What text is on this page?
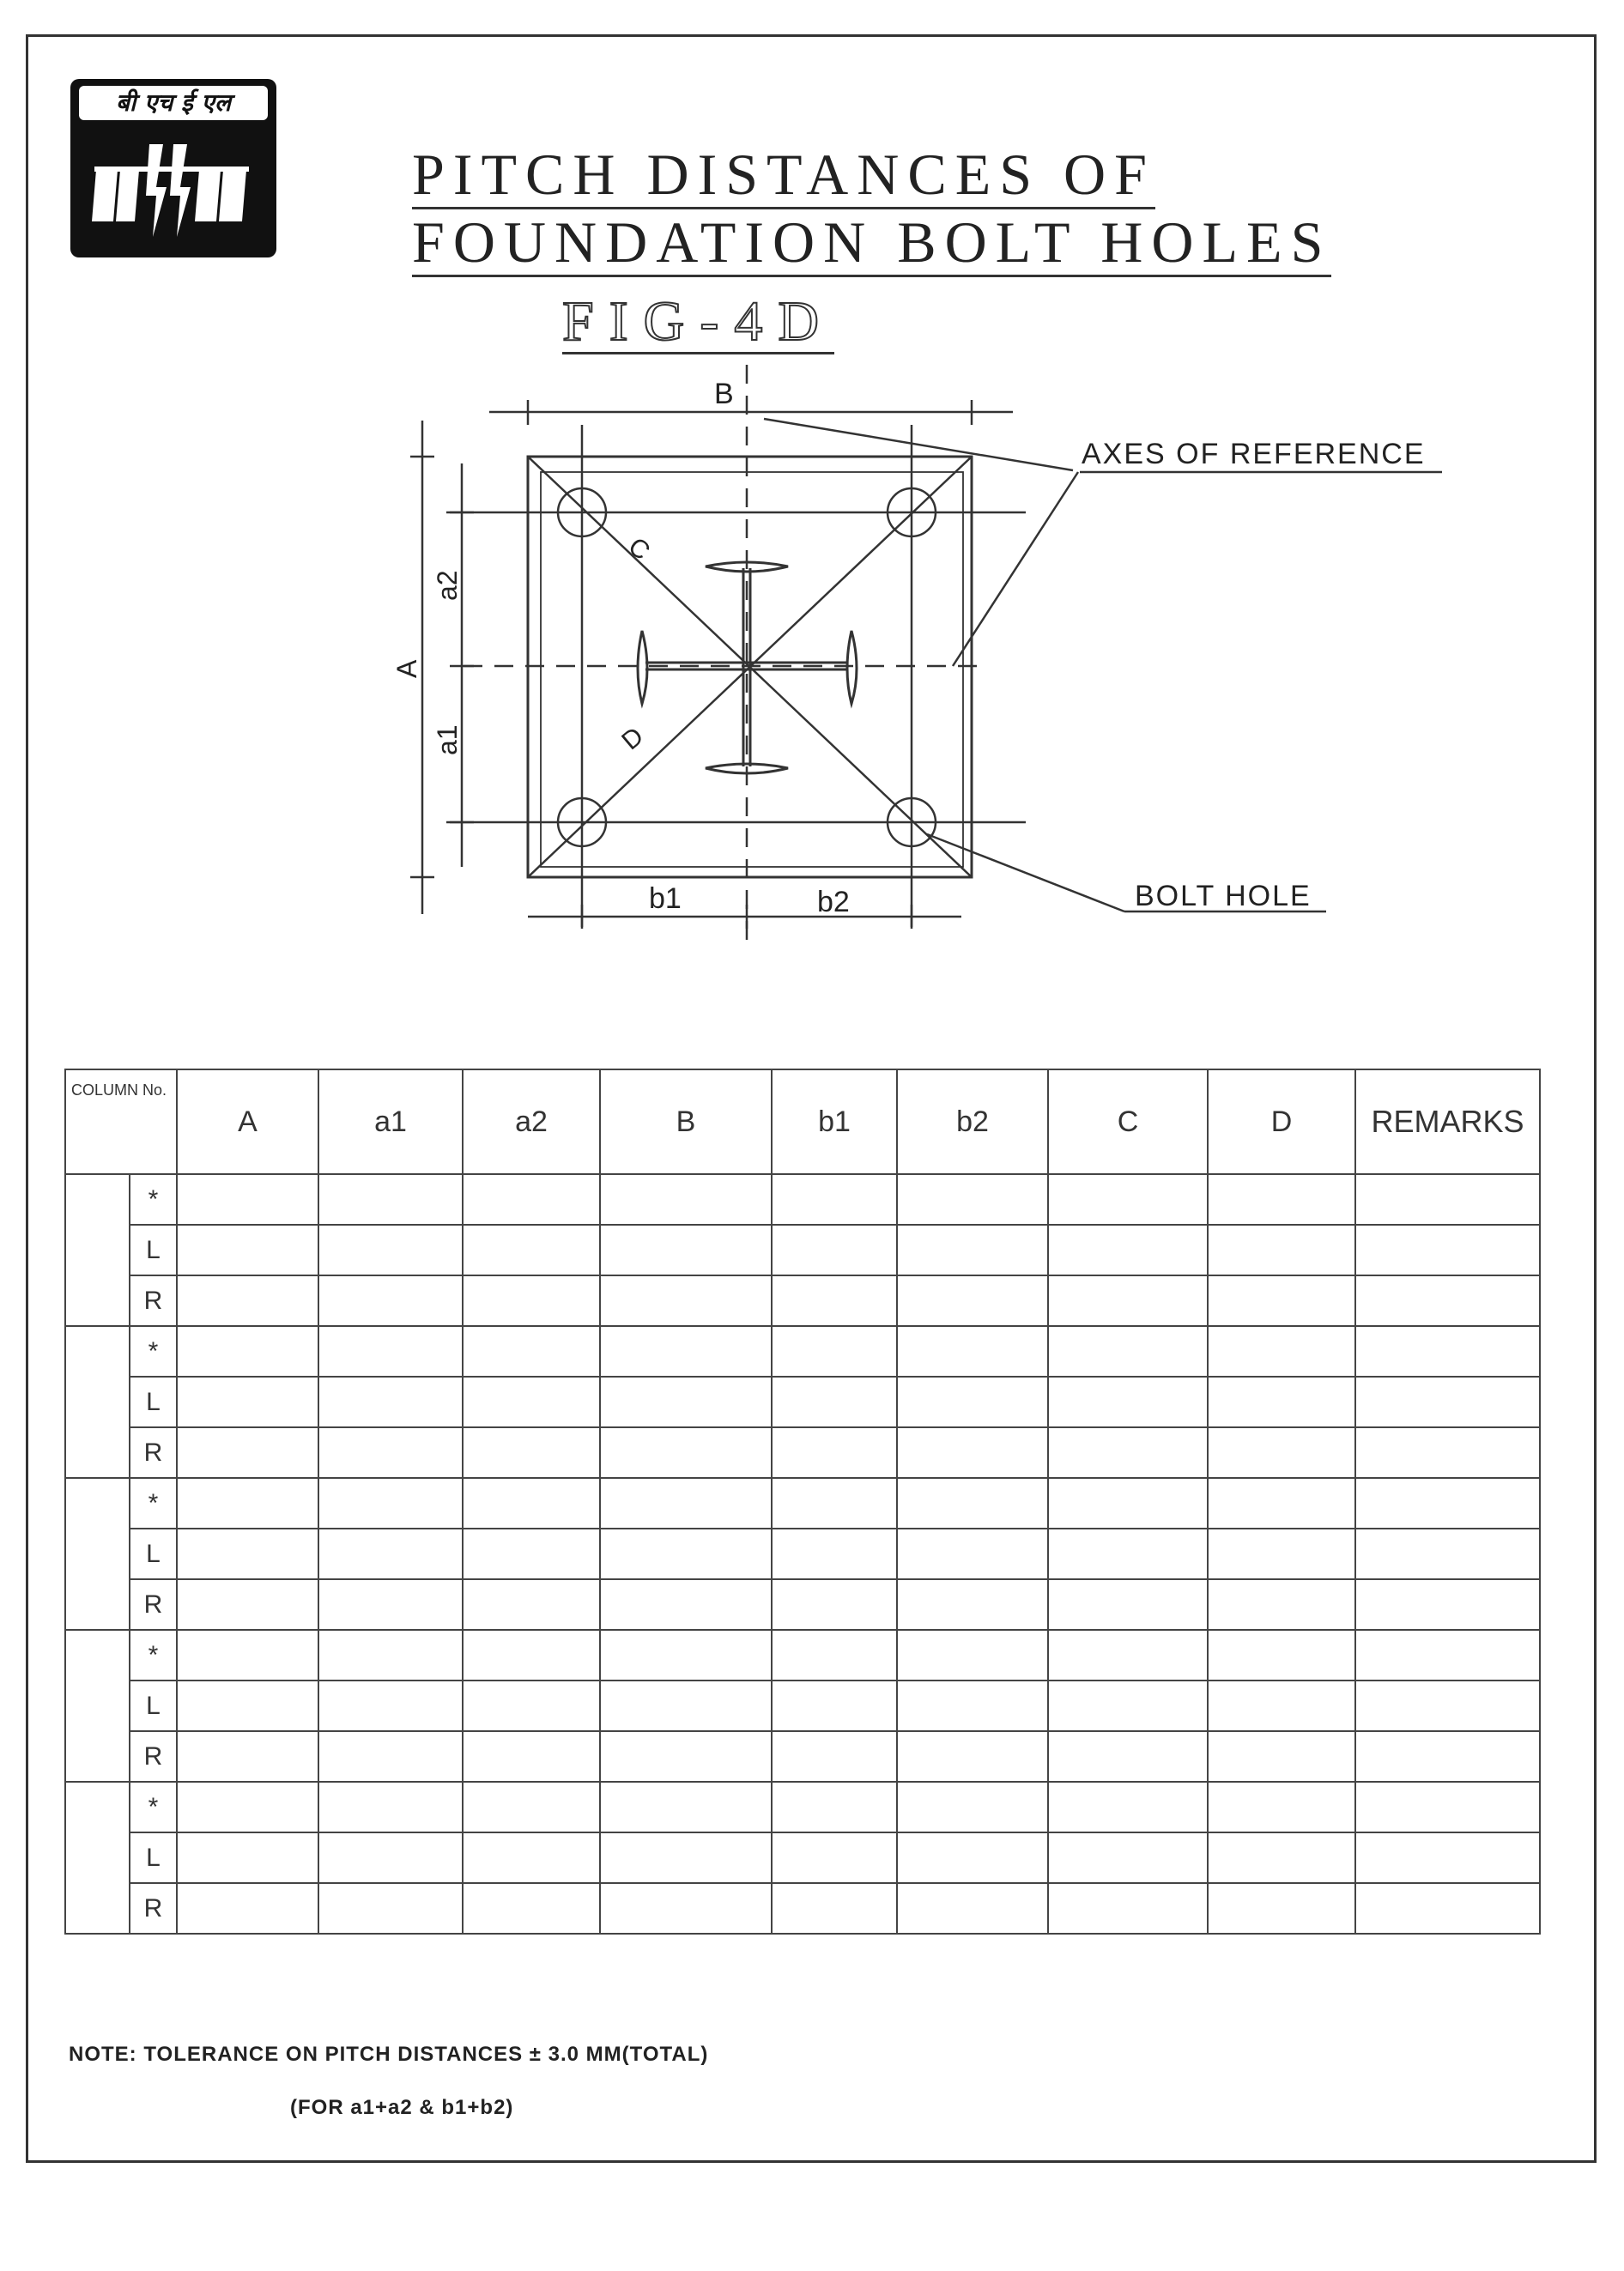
बी एच ई एल
PITCH DISTANCES OF
FOUNDATION BOLT HOLES
FIG-4D
B
A
a2
a1
C
D
b1	b2
AXES OF REFERENCE
BOLT HOLE
COLUMN No.		A	a1	a2	B	b1	b2	C	D	REMARKS
	*									
	L									
	R									
	*									
	L									
	R									
	*									
	L									
	R									
	*									
	L									
	R									
	*									
	L									
	R									
NOTE: TOLERANCE ON PITCH DISTANCES ± 3.0 MM(TOTAL)
(FOR a1+a2 & b1+b2)
